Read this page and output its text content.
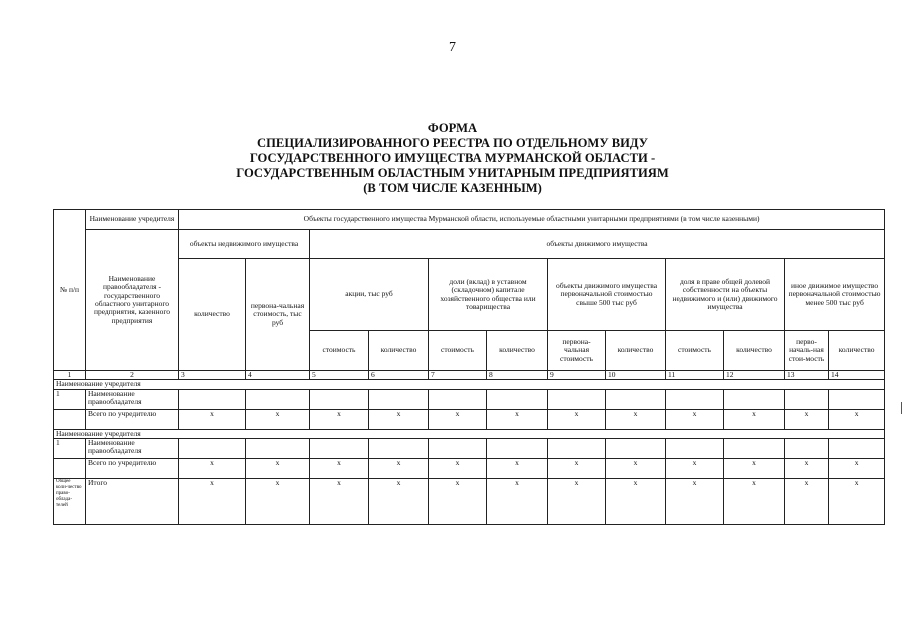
7
ФОРМА
СПЕЦИАЛИЗИРОВАННОГО РЕЕСТРА ПО ОТДЕЛЬНОМУ ВИДУ
ГОСУДАРСТВЕННОГО ИМУЩЕСТВА МУРМАНСКОЙ ОБЛАСТИ -
ГОСУДАРСТВЕННЫМ ОБЛАСТНЫМ УНИТАРНЫМ ПРЕДПРИЯТИЯМ
(В ТОМ ЧИСЛЕ КАЗЕННЫМ)
№ п/п	Наименование учредителя	Объекты государственного имущества Мурманской области, используемые областными унитарными предприятиями (в том числе казенными)											
	Наименование правообладателя - государственного областного унитарного предприятия, казенного предприятия	объекты недвижимого имущества		объекты движимого имущества									
		количество	первона-чальная стоимость, тыс руб	акции, тыс руб		доли (вклад) в уставном (складочном) капитале хозяйственного общества или товарищества		объекты движимого имущества первоначальной стоимостью свыше 500 тыс руб		доля в праве общей долевой собственности на объекты недвижимого и (или) движимого имущества		иное движимое имущество первоначальной стоимостью менее 500 тыс руб	
				стоимость	количество	стоимость	количество	первона-чальная стоимость	количество	стоимость	количество	перво-началь-ная стои-мость	количество
1	2	3	4	5	6	7	8	9	10	11	12	13	14
Наименование учредителя													
1	Наименование правообладателя												
	Всего по учредителю	х	х	х	х	х	х	х	х	х	х	х	х
Наименование учредителя													
1	Наименование правообладателя												
	Всего по учредителю	х	х	х	х	х	х	х	х	х	х	х	х
Общее коли-чество право-облада-телей	Итого	х	х	х	х	х	х	х	х	х	х	х	х
